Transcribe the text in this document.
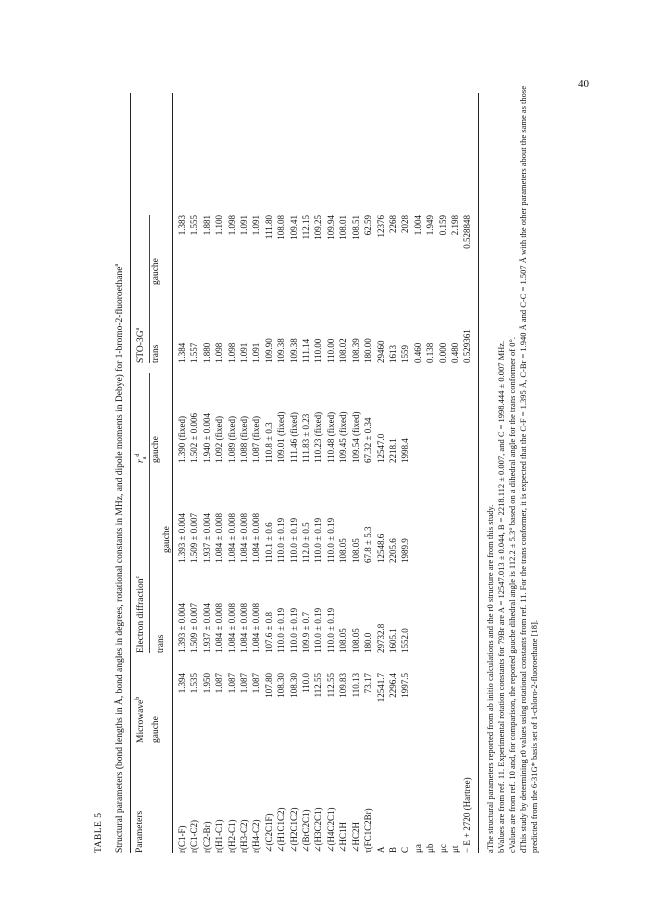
40
TABLE 5 Structural parameters (bond lengths in Å, bond angles in degrees, rotational constants in MHz, and dipole moments in Debye) for 1-bromo-2-fluoroethane$^a$
Parameters
Microwave$^b$
Electron diffraction$^c$
$r_a^d$
STO-$3G^a$
gauche
trans
gauche
gauche
trans
gauche
r(C1-F)	1.394	1.393 ± 0.004	1.393 ± 0.004	1.390 (fixed)	1.384	1.383
r(C1-C2)	1.535	1.509 ± 0.007	1.509 ± 0.007	1.502 ± 0.006	1.557	1.555
r(C2-Br)	1.950	1.937 ± 0.004	1.937 ± 0.004	1.940 ± 0.004	1.880	1.881
r(H1-C1)	1.087	1.084 ± 0.008	1.084 ± 0.008	1.092 (fixed)	1.098	1.100
r(H2-C1)	1.087	1.084 ± 0.008	1.084 ± 0.008	1.089 (fixed)	1.098	1.098
r(H3-C2)	1.087	1.084 ± 0.008	1.084 ± 0.008	1.088 (fixed)	1.091	1.091
r(H4-C2)	1.087	1.084 ± 0.008	1.084 ± 0.008	1.087 (fixed)	1.091	1.091
∠(C2C1F)	107.80	107.6 ± 0.8	110.1 ± 0.6	110.8 ± 0.3	109.90	111.80
∠(H1C1C2)	108.30	110.0 ± 0.19	110.0 ± 0.19	109.01 (fixed)	109.38	108.08
∠(H2C1C2)	108.30	110.0 ± 0.19	110.0 ± 0.19	111.46 (fixed)	109.38	109.41
∠(BrC2C1)	110.0	109.9 ± 0.7	112.0 ± 0.5	111.83 ± 0.23	111.14	112.15
∠(H3C2C1)	112.55	110.0 ± 0.19	110.0 ± 0.19	110.23 (fixed)	110.00	109.25
∠(H4C2C1)	112.55	110.0 ± 0.19	110.0 ± 0.19	110.48 (fixed)	110.00	109.94
∠HC1H	109.83	108.05	108.05	109.45 (fixed)	108.02	108.01
∠HC2H	110.13	108.05	108.05	109.54 (fixed)	108.39	108.51
τ(FC1C2Br)	73.17	180.0	67.8 ± 5.3	67.32 ± 0.34	180.00	62.59
A	12541.7	29732.8	12548.6	12547.0	29460	12376
B	2296.4	1605.1	2205.6	2218.1	1613	2268
C	1997.5	1552.0	1989.9	1998.4	1559	2028
μa					0.460	1.004
μb					0.138	1.949
μc					0.000	0.159
μt					0.480	2.198
− E + 2720 (Hartree)					0.529361	0.528848

aThe structural parameters reported from ab initio calculations and the r0 structure are from this study. bValues are from ref. 11. Experimental rotation constants for 79Br are A = 12547.013 ± 0.044, B = 2218.112 ± 0.007, and C = 1998.444 ± 0.007 MHz. cValues are from ref. 10 and, for comparison, the reported gauche dihedral angle is 112.2 ± 5.3° based on a dihedral angle for the trans conformer of 0°. dThis study by determining r0 values using rotational constants from ref. 11. For the trans conformer, it is expected that the C-F = 1.395 Å, C-Br = 1.940 Å and C-C = 1.507 Å with the other parameters about the same as those predicted from the 6-31G* basis set of 1-chloro-2-fluoroethane [18].
